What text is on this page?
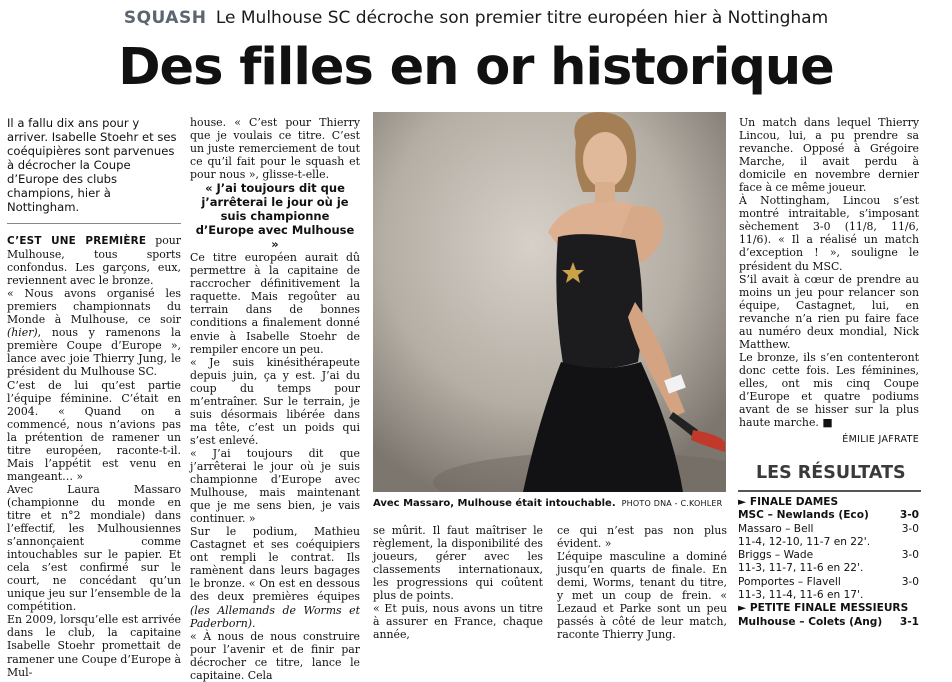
SQUASH Le Mulhouse SC décroche son premier titre européen hier à Nottingham
Des filles en or historique

Il a fallu dix ans pour y arriver. Isabelle Stoehr et ses coéquipières sont parvenues à décrocher la Coupe d’Europe des clubs champions, hier à Nottingham.

C’EST UNE PREMIÈRE pour Mulhouse, tous sports confondus. Les garçons, eux, reviennent avec le bronze.

« Nous avons organisé les premiers championnats du Monde à Mulhouse, ce soir (hier), nous y ramenons la première Coupe d’Europe », lance avec joie Thierry Jung, le président du Mulhouse SC.

C’est de lui qu’est partie l’équipe féminine. C’était en 2004. « Quand on a commencé, nous n’avions pas la prétention de ramener un titre européen, raconte-t-il. Mais l’appétit est venu en mangeant… »

Avec Laura Massaro (championne du monde en titre et n°2 mondiale) dans l’effectif, les Mulhousiennes s’annonçaient comme intouchables sur le papier. Et cela s’est confirmé sur le court, ne concédant qu’un unique jeu sur l’ensemble de la compétition.

En 2009, lorsqu’elle est arrivée dans le club, la capitaine Isabelle Stoehr promettait de ramener une Coupe d’Europe à Mul-

house. « C’est pour Thierry que je voulais ce titre. C’est un juste remerciement de tout ce qu’il fait pour le squash et pour nous », glisse-t-elle.

« J’ai toujours dit que j’arrêterai le jour où je suis championne d’Europe avec Mulhouse »

Ce titre européen aurait dû permettre à la capitaine de raccrocher définitivement la raquette. Mais regoûter au terrain dans de bonnes conditions a finalement donné envie à Isabelle Stoehr de rempiler encore un peu.

« Je suis kinésithérapeute depuis juin, ça y est. J’ai du coup du temps pour m’entraîner. Sur le terrain, je suis désormais libérée dans ma tête, c’est un poids qui s’est enlevé.

« J’ai toujours dit que j’arrêterai le jour où je suis championne d’Europe avec Mulhouse, mais maintenant que je me sens bien, je vais continuer. »

Sur le podium, Mathieu Castagnet et ses coéquipiers ont rempli le contrat. Ils ramènent dans leurs bagages le bronze. « On est en dessous des deux premières équipes (les Allemands de Worms et Paderborn).

« À nous de nous construire pour l’avenir et de finir par décrocher ce titre, lance le capitaine. Cela

Avec Massaro, Mulhouse était intouchable. PHOTO DNA - C.KOHLER

se mûrit. Il faut maîtriser le règlement, la disponibilité des joueurs, gérer avec les classements internationaux, les progressions qui coûtent plus de points.

« Et puis, nous avons un titre à assurer en France, chaque année,

ce qui n’est pas non plus évident. »

L’équipe masculine a dominé jusqu’en quarts de finale. En demi, Worms, tenant du titre, y met un coup de frein. « Lezaud et Parke sont un peu passés à côté de leur match, raconte Thierry Jung.

Un match dans lequel Thierry Lincou, lui, a pu prendre sa revanche. Opposé à Grégoire Marche, il avait perdu à domicile en novembre dernier face à ce même joueur.

À Nottingham, Lincou s’est montré intraitable, s’imposant sèchement 3-0 (11/8, 11/6, 11/6). « Il a réalisé un match d’exception ! », souligne le président du MSC.

S’il avait à cœur de prendre au moins un jeu pour relancer son équipe, Castagnet, lui, en revanche n’a rien pu faire face au numéro deux mondial, Nick Matthew.

Le bronze, ils s’en contenteront donc cette fois. Les féminines, elles, ont mis cinq Coupe d’Europe et quatre podiums avant de se hisser sur la plus haute marche. ■

ÉMILIE JAFRATE
LES RÉSULTATS
► FINALE DAMES
MSC – Newlands (Eco)	3-0
Massaro – Bell	3-0
11-4, 12-10, 11-7 en 22'.
Briggs – Wade	3-0
11-3, 11-7, 11-6 en 22'.
Pomportes – Flavell	3-0
11-3, 11-4, 11-6 en 17'.
► PETITE FINALE MESSIEURS
Mulhouse – Colets (Ang) 3-1
